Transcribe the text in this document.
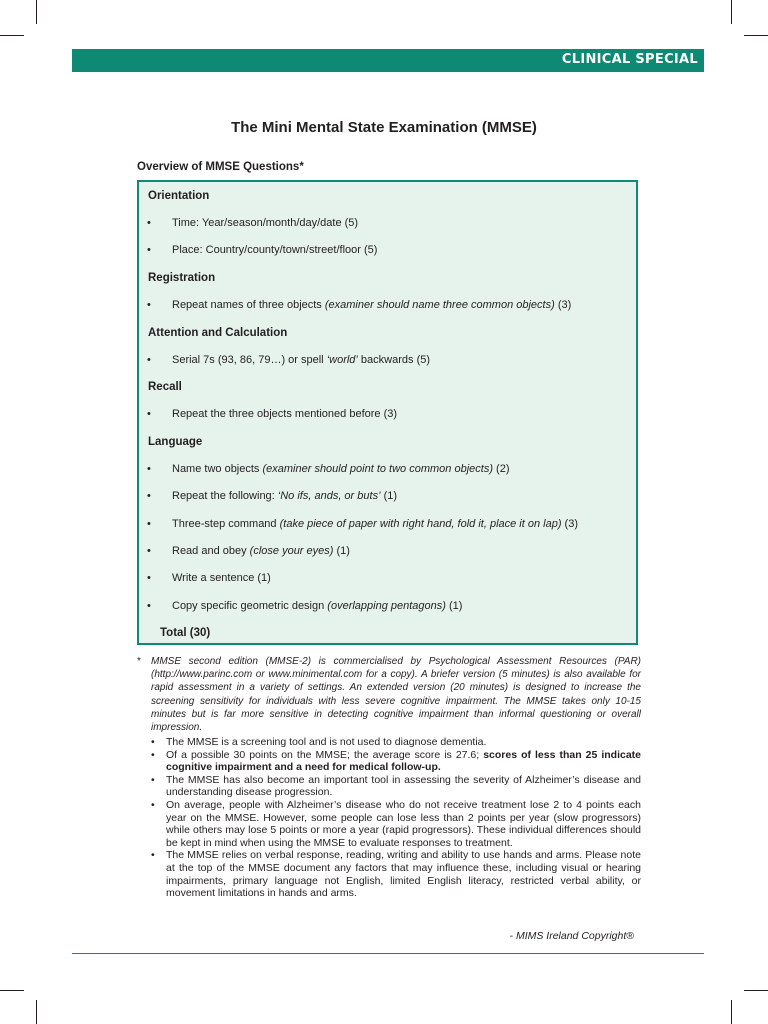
CLINICAL SPECIAL
The Mini Mental State Examination (MMSE)
Overview of MMSE Questions*
Orientation
• Time: Year/season/month/day/date (5)
• Place: Country/county/town/street/floor (5)
Registration
• Repeat names of three objects (examiner should name three common objects) (3)
Attention and Calculation
• Serial 7s (93, 86, 79…) or spell ‘world’ backwards (5)
Recall
• Repeat the three objects mentioned before (3)
Language
• Name two objects (examiner should point to two common objects) (2)
• Repeat the following: ‘No ifs, ands, or buts’ (1)
• Three-step command (take piece of paper with right hand, fold it, place it on lap) (3)
• Read and obey (close your eyes) (1)
• Write a sentence (1)
• Copy specific geometric design (overlapping pentagons) (1)
Total (30)
* MMSE second edition (MMSE-2) is commercialised by Psychological Assessment Resources (PAR) (http://www.parinc.com or www.minimental.com for a copy). A briefer version (5 minutes) is also available for rapid assessment in a variety of settings. An extended version (20 minutes) is designed to increase the screening sensitivity for individuals with less severe cognitive impairment. The MMSE takes only 10-15 minutes but is far more sensitive in detecting cognitive impairment than informal questioning or overall impression.
• The MMSE is a screening tool and is not used to diagnose dementia.
• Of a possible 30 points on the MMSE; the average score is 27.6; scores of less than 25 indicate cognitive impairment and a need for medical follow-up.
• The MMSE has also become an important tool in assessing the severity of Alzheimer’s disease and understanding disease progression.
• On average, people with Alzheimer’s disease who do not receive treatment lose 2 to 4 points each year on the MMSE. However, some people can lose less than 2 points per year (slow progressors) while others may lose 5 points or more a year (rapid progressors). These individual differences should be kept in mind when using the MMSE to evaluate responses to treatment.
• The MMSE relies on verbal response, reading, writing and ability to use hands and arms. Please note at the top of the MMSE document any factors that may influence these, including visual or hearing impairments, primary language not English, limited English literacy, restricted verbal ability, or movement limitations in hands and arms.
- MIMS Ireland Copyright®
